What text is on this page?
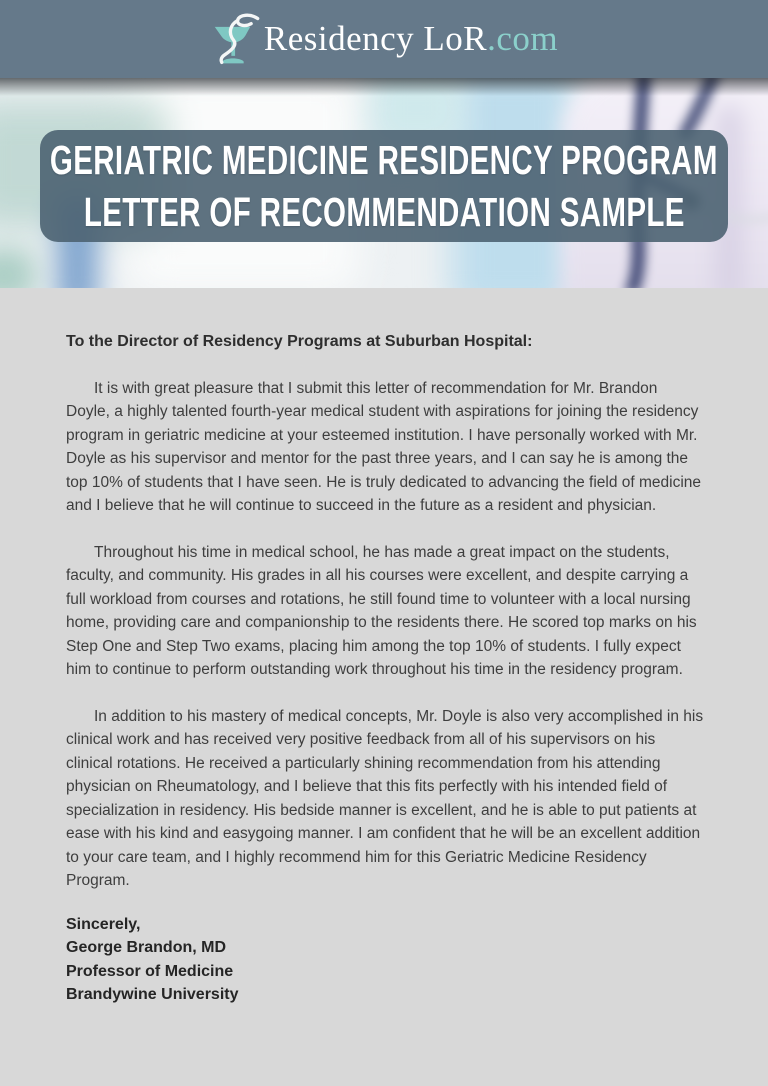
Residency LoR.com
GERIATRIC MEDICINE RESIDENCY PROGRAM
LETTER OF RECOMMENDATION SAMPLE

To the Director of Residency Programs at Suburban Hospital:

It is with great pleasure that I submit this letter of recommendation for Mr. Brandon Doyle, a highly talented fourth-year medical student with aspirations for joining the residency program in geriatric medicine at your esteemed institution. I have personally worked with Mr. Doyle as his supervisor and mentor for the past three years, and I can say he is among the top 10% of students that I have seen. He is truly dedicated to advancing the field of medicine and I believe that he will continue to succeed in the future as a resident and physician.

Throughout his time in medical school, he has made a great impact on the students, faculty, and community. His grades in all his courses were excellent, and despite carrying a full workload from courses and rotations, he still found time to volunteer with a local nursing home, providing care and companionship to the residents there. He scored top marks on his Step One and Step Two exams, placing him among the top 10% of students. I fully expect him to continue to perform outstanding work throughout his time in the residency program.

In addition to his mastery of medical concepts, Mr. Doyle is also very accomplished in his clinical work and has received very positive feedback from all of his supervisors on his clinical rotations. He received a particularly shining recommendation from his attending physician on Rheumatology, and I believe that this fits perfectly with his intended field of specialization in residency. His bedside manner is excellent, and he is able to put patients at ease with his kind and easygoing manner. I am confident that he will be an excellent addition to your care team, and I highly recommend him for this Geriatric Medicine Residency Program.

Sincerely,

George Brandon, MD

Professor of Medicine

Brandywine University
